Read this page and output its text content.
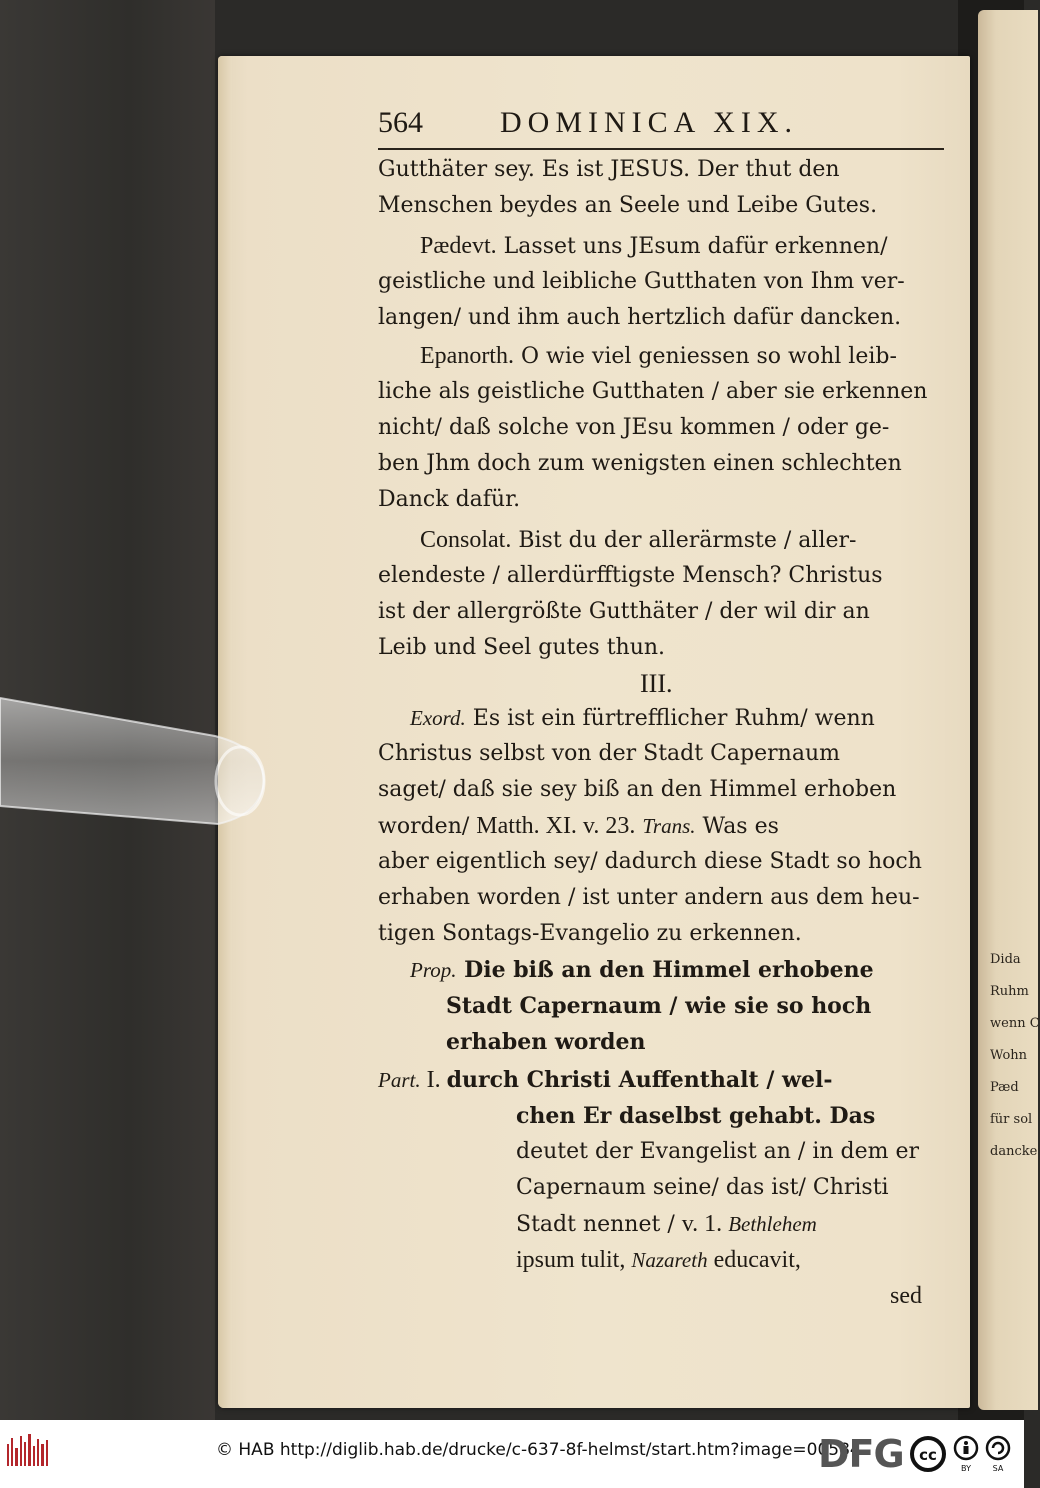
Dida
Ruhm
wenn C
Wohn
Pæd
für sol
dancke
564	DOMINICA XIX.
Gutthäter sey. Es ist JESUS. Der thut den
Menschen beydes an Seele und Leibe Gutes.
Pædevt. Lasset uns JEsum dafür erkennen/
geistliche und leibliche Gutthaten von Ihm ver-
langen/ und ihm auch hertzlich dafür dancken.
Epanorth. O wie viel geniessen so wohl leib-
liche als geistliche Gutthaten / aber sie erkennen
nicht/ daß solche von JEsu kommen / oder ge-
ben Jhm doch zum wenigsten einen schlechten
Danck dafür.
Consolat. Bist du der allerärmste / aller-
elendeste / allerdürfftigste Mensch? Christus
ist der allergrößte Gutthäter / der wil dir an
Leib und Seel gutes thun.
III.
Exord. Es ist ein fürtrefflicher Ruhm/ wenn
Christus selbst von der Stadt Capernaum
saget/ daß sie sey biß an den Himmel erhoben
worden/ Matth. XI. v. 23. Trans. Was es
aber eigentlich sey/ dadurch diese Stadt so hoch
erhaben worden / ist unter andern aus dem heu-
tigen Sontags-Evangelio zu erkennen.
Prop. Die biß an den Himmel erhobene
Stadt Capernaum / wie sie so hoch
erhaben worden
Part. I. durch Christi Auffenthalt / wel-
chen Er daselbst gehabt. Das
deutet der Evangelist an / in dem er
Capernaum seine/ das ist/ Christi
Stadt nennet / v. 1. Bethlehem
ipsum tulit, Nazareth educavit,
sed
© HAB http://diglib.hab.de/drucke/c-637-8f-helmst/start.htm?image=00584
DFG cc
BY	SA
